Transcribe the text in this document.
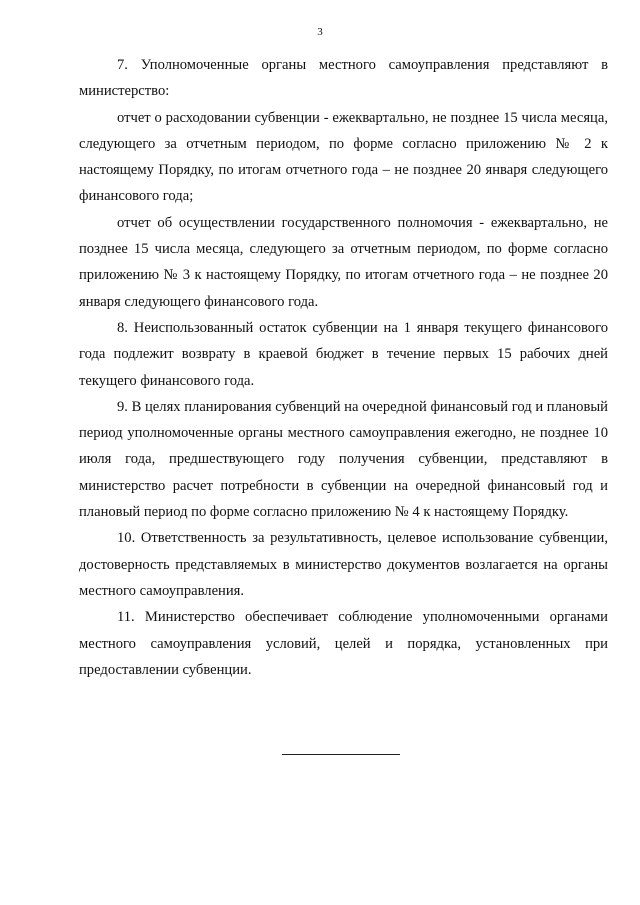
3

7. Уполномоченные органы местного самоуправления представляют в министерство:

отчет о расходовании субвенции - ежеквартально, не позднее 15 числа месяца, следующего за отчетным периодом, по форме согласно приложению № 2 к настоящему Порядку, по итогам отчетного года – не позднее 20 января следующего финансового года;

отчет об осуществлении государственного полномочия - ежеквартально, не позднее 15 числа месяца, следующего за отчетным периодом, по форме согласно приложению № 3 к настоящему Порядку, по итогам отчетного года – не позднее 20 января следующего финансового года.

8. Неиспользованный остаток субвенции на 1 января текущего финансового года подлежит возврату в краевой бюджет в течение первых 15 рабочих дней текущего финансового года.

9. В целях планирования субвенций на очередной финансовый год и плановый период уполномоченные органы местного самоуправления ежегодно, не позднее 10 июля года, предшествующего году получения субвенции, представляют в министерство расчет потребности в субвенции на очередной финансовый год и плановый период по форме согласно приложению № 4 к настоящему Порядку.

10. Ответственность за результативность, целевое использование субвенции, достоверность представляемых в министерство документов возлагается на органы местного самоуправления.

11. Министерство обеспечивает соблюдение уполномоченными органами местного самоуправления условий, целей и порядка, установленных при предоставлении субвенции.
